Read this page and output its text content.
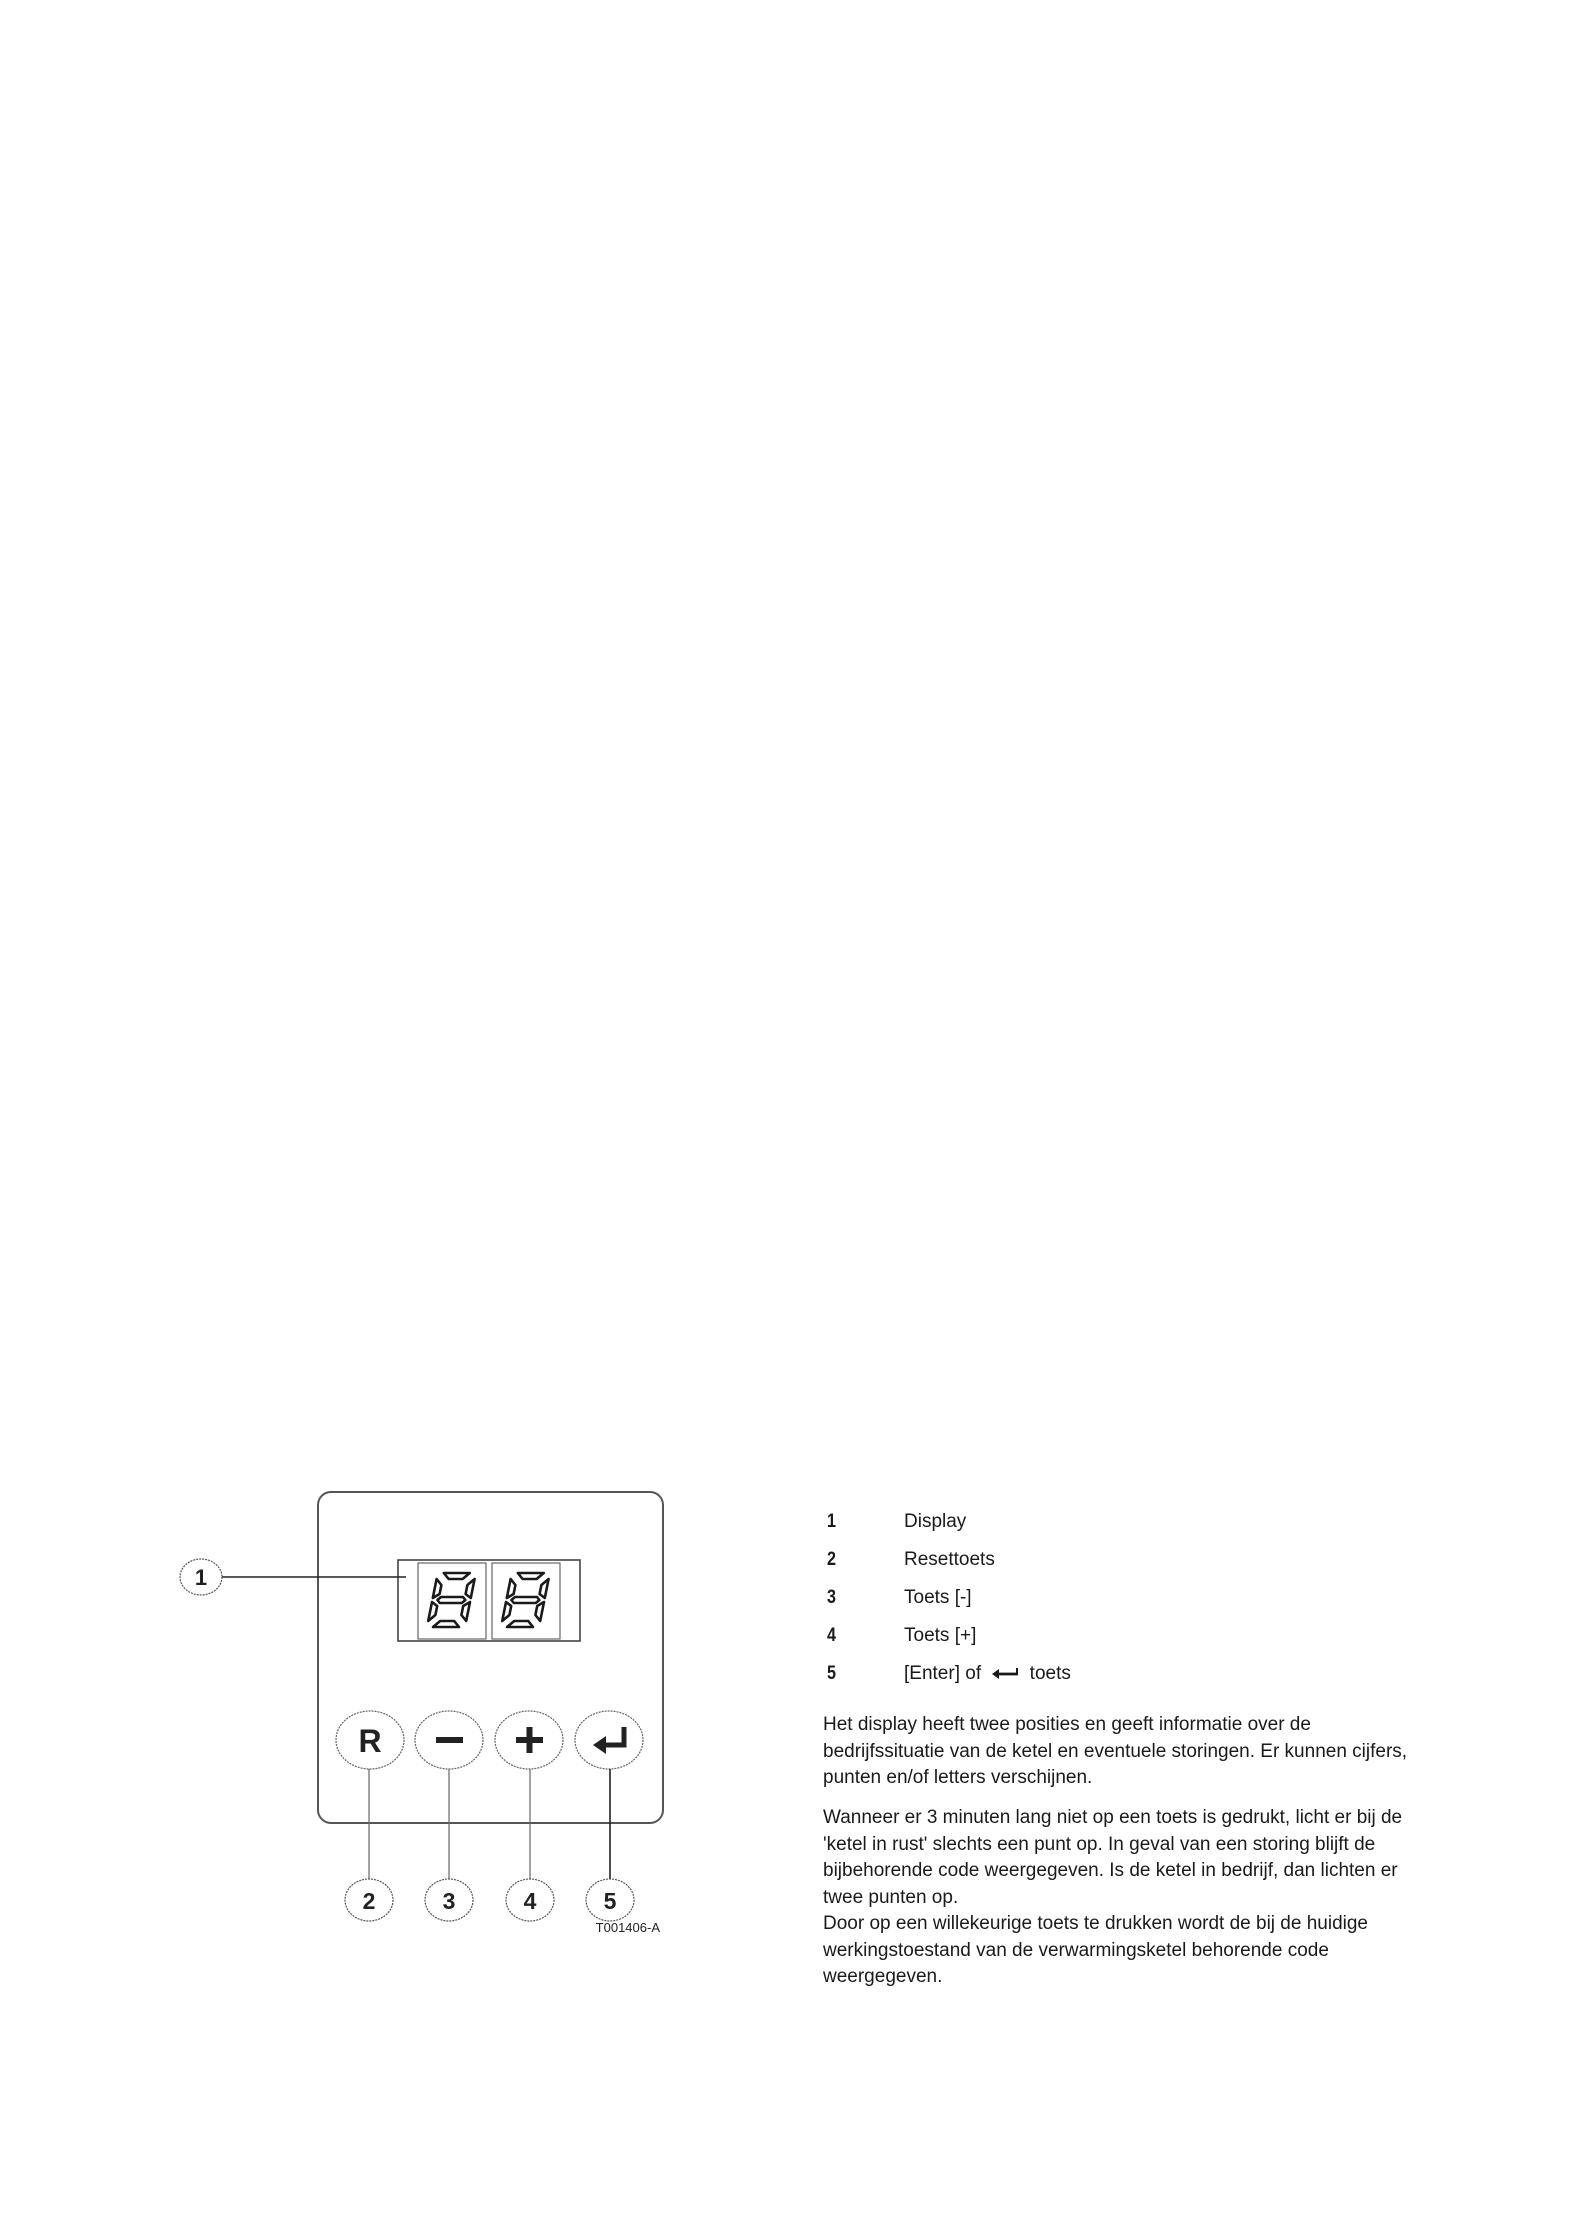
1
R
2	3	4	5
T001406-A
1	Display
2	Resettoets
3	Toets [-]
4	Toets [+]
5	[Enter] of	toets

Het display heeft twee posities en geeft informatie over de bedrijfssituatie van de ketel en eventuele storingen. Er kunnen cijfers, punten en/of letters verschijnen.

Wanneer er 3 minuten lang niet op een toets is gedrukt, licht er bij de 'ketel in rust' slechts een punt op. In geval van een storing blijft de bijbehorende code weergegeven. Is de ketel in bedrijf, dan lichten er twee punten op.

Door op een willekeurige toets te drukken wordt de bij de huidige werkingstoestand van de verwarmingsketel behorende code weergegeven.
